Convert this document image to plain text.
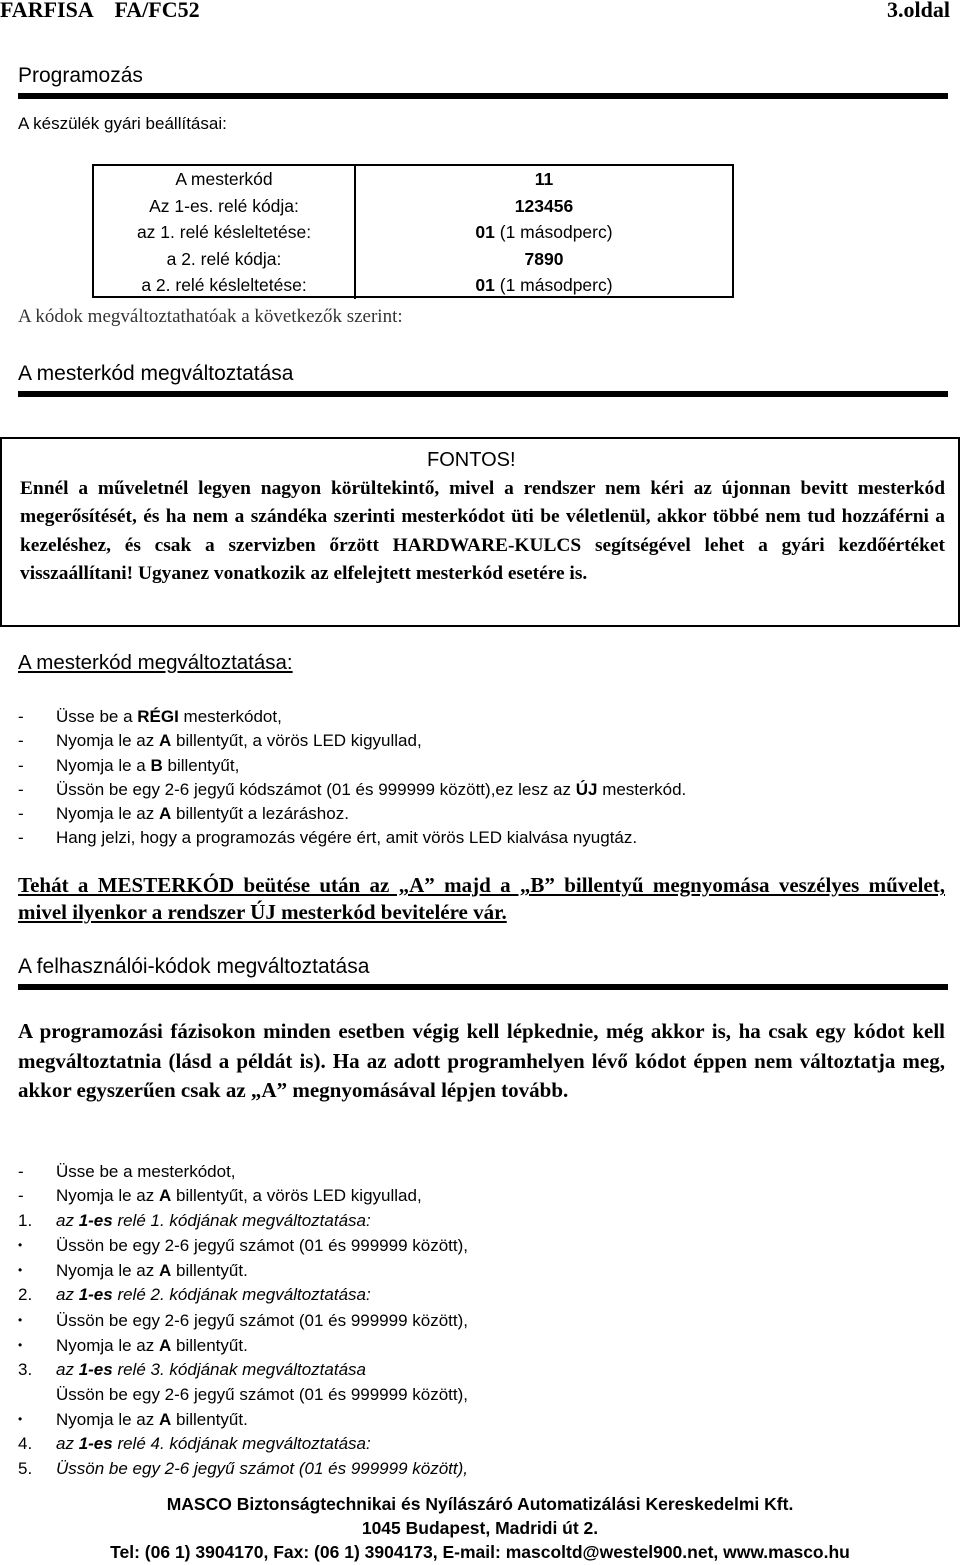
FARFISA    FA/FC52	3.oldal
Programozás
A készülék gyári beállításai:
A mesterkód	11
Az 1-es. relé kódja:	123456
az 1. relé késleltetése:	01 (1 másodperc)
a 2. relé kódja:	7890
a 2. relé késleltetése:	01 (1 másodperc)
A kódok megváltoztathatóak a következők szerint:
A mesterkód megváltoztatása
FONTOS!
Ennél a műveletnél legyen nagyon körültekintő, mivel a rendszer nem kéri az újonnan bevitt mesterkód megerősítését, és ha nem a szándéka szerinti mesterkódot üti be véletlenül, akkor többé nem tud hozzáférni a kezeléshez, és csak a szervizben őrzött HARDWARE-KULCS segítségével lehet a gyári kezdőértéket visszaállítani! Ugyanez vonatkozik az elfelejtett mesterkód esetére is.
A mesterkód megváltoztatása:
- Üsse be a RÉGI mesterkódot,
- Nyomja le az A billentyűt, a vörös LED kigyullad,
- Nyomja le a B billentyűt,
- Üssön be egy 2-6 jegyű kódszámot (01 és 999999 között),ez lesz az ÚJ mesterkód.
- Nyomja le az A billentyűt a lezáráshoz.
- Hang jelzi, hogy a programozás végére ért, amit vörös LED kialvása nyugtáz.
Tehát a MESTERKÓD beütése után az „A” majd a „B” billentyű megnyomása veszélyes művelet, mivel ilyenkor a rendszer ÚJ mesterkód bevitelére vár.
A felhasználói-kódok megváltoztatása
A programozási fázisokon minden esetben végig kell lépkednie, még akkor is, ha csak egy kódot kell megváltoztatnia (lásd a példát is). Ha az adott programhelyen lévő kódot éppen nem változtatja meg, akkor egyszerűen csak az „A” megnyomásával lépjen tovább.
- Üsse be a mesterkódot,
- Nyomja le az A billentyűt, a vörös LED kigyullad,
1. az 1-es relé 1. kódjának megváltoztatása:
• Üssön be egy 2-6 jegyű számot (01 és 999999 között),
• Nyomja le az A billentyűt.
2. az 1-es relé 2. kódjának megváltoztatása:
• Üssön be egy 2-6 jegyű számot (01 és 999999 között),
• Nyomja le az A billentyűt.
3. az 1-es relé 3. kódjának megváltoztatása
Üssön be egy 2-6 jegyű számot (01 és 999999 között),
• Nyomja le az A billentyűt.
4. az 1-es relé 4. kódjának megváltoztatása:
5. Üssön be egy 2-6 jegyű számot (01 és 999999 között),
MASCO Biztonságtechnikai és Nyílászáró Automatizálási Kereskedelmi Kft.
1045 Budapest, Madridi út 2.
Tel: (06 1) 3904170, Fax: (06 1) 3904173, E-mail: mascoltd@westel900.net, www.masco.hu
